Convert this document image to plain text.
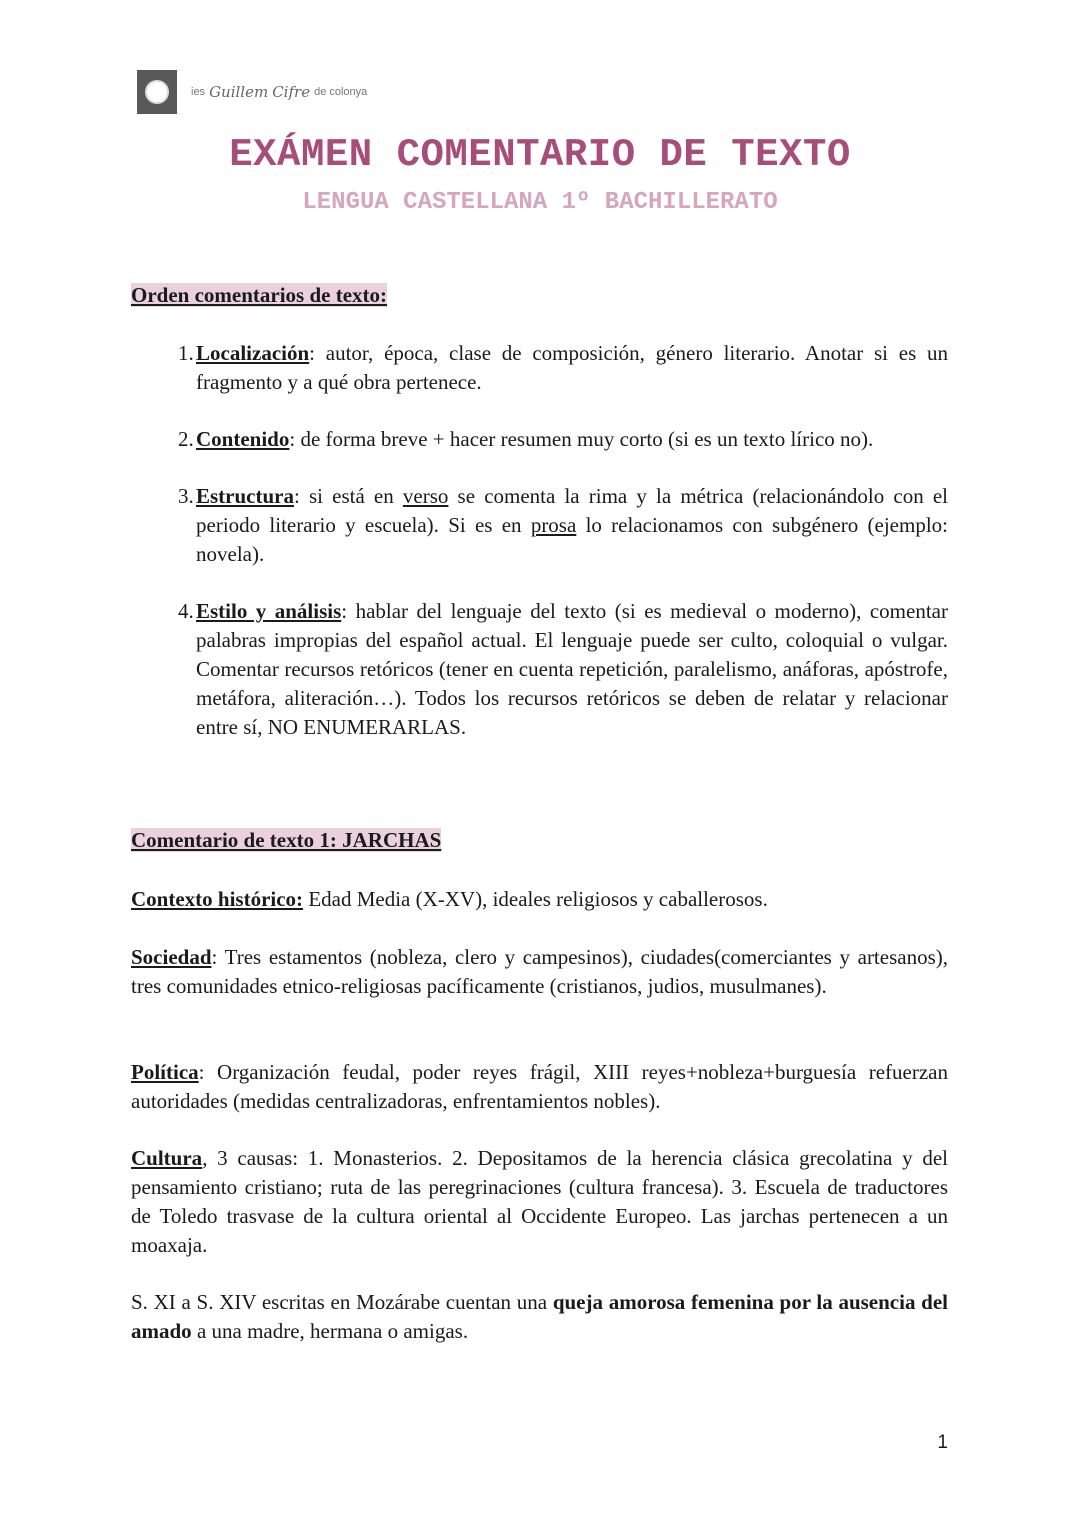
ies Guillem Cifre de colonya
EXÁMEN COMENTARIO DE TEXTO
LENGUA CASTELLANA 1º BACHILLERATO
Orden comentarios de texto:
1. Localización: autor, época, clase de composición, género literario. Anotar si es un fragmento y a qué obra pertenece.
2. Contenido: de forma breve + hacer resumen muy corto (si es un texto lírico no).
3. Estructura: si está en verso se comenta la rima y la métrica (relacionándolo con el periodo literario y escuela). Si es en prosa lo relacionamos con subgénero (ejemplo: novela).
4. Estilo y análisis: hablar del lenguaje del texto (si es medieval o moderno), comentar palabras impropias del español actual. El lenguaje puede ser culto, coloquial o vulgar. Comentar recursos retóricos (tener en cuenta repetición, paralelismo, anáforas, apóstrofe, metáfora, aliteración…). Todos los recursos retóricos se deben de relatar y relacionar entre sí, NO ENUMERARLAS.
Comentario de texto 1: JARCHAS
Contexto histórico: Edad Media (X-XV), ideales religiosos y caballerosos.
Sociedad: Tres estamentos (nobleza, clero y campesinos), ciudades(comerciantes y artesanos), tres comunidades etnico-religiosas pacíficamente (cristianos, judios, musulmanes).
Política: Organización feudal, poder reyes frágil, XIII reyes+nobleza+burguesía refuerzan autoridades (medidas centralizadoras, enfrentamientos nobles).
Cultura, 3 causas: 1. Monasterios. 2. Depositamos de la herencia clásica grecolatina y del pensamiento cristiano; ruta de las peregrinaciones (cultura francesa). 3. Escuela de traductores de Toledo trasvase de la cultura oriental al Occidente Europeo. Las jarchas pertenecen a un moaxaja.
S. XI a S. XIV escritas en Mozárabe cuentan una queja amorosa femenina por la ausencia del amado a una madre, hermana o amigas.
1
